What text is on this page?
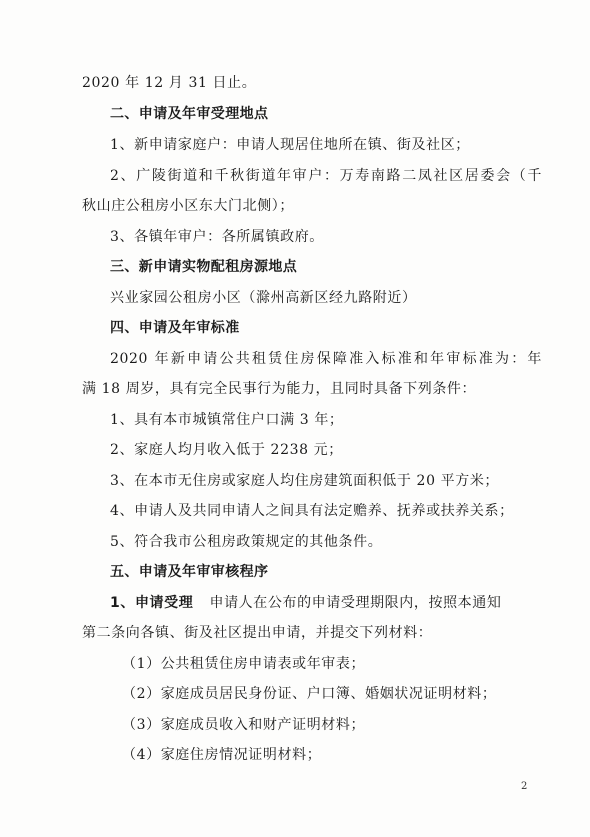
2020 年 12 月 31 日止。
二、申请及年审受理地点
1、新申请家庭户：申请人现居住地所在镇、街及社区；
2、广陵街道和千秋街道年审户：万寿南路二凤社区居委会（千
秋山庄公租房小区东大门北侧）；
3、各镇年审户：各所属镇政府。
三、新申请实物配租房源地点
兴业家园公租房小区（滁州高新区经九路附近）
四、申请及年审标准
2020 年新申请公共租赁住房保障准入标准和年审标准为：年
满 18 周岁，具有完全民事行为能力，且同时具备下列条件：
1、具有本市城镇常住户口满 3 年；
2、家庭人均月收入低于 2238 元；
3、在本市无住房或家庭人均住房建筑面积低于 20 平方米；
4、申请人及共同申请人之间具有法定赡养、抚养或扶养关系；
5、符合我市公租房政策规定的其他条件。
五、申请及年审审核程序
1、申请受理 申请人在公布的申请受理期限内，按照本通知
第二条向各镇、街及社区提出申请，并提交下列材料：
（1）公共租赁住房申请表或年审表；
（2）家庭成员居民身份证、户口簿、婚姻状况证明材料；
（3）家庭成员收入和财产证明材料；
（4）家庭住房情况证明材料；
2
